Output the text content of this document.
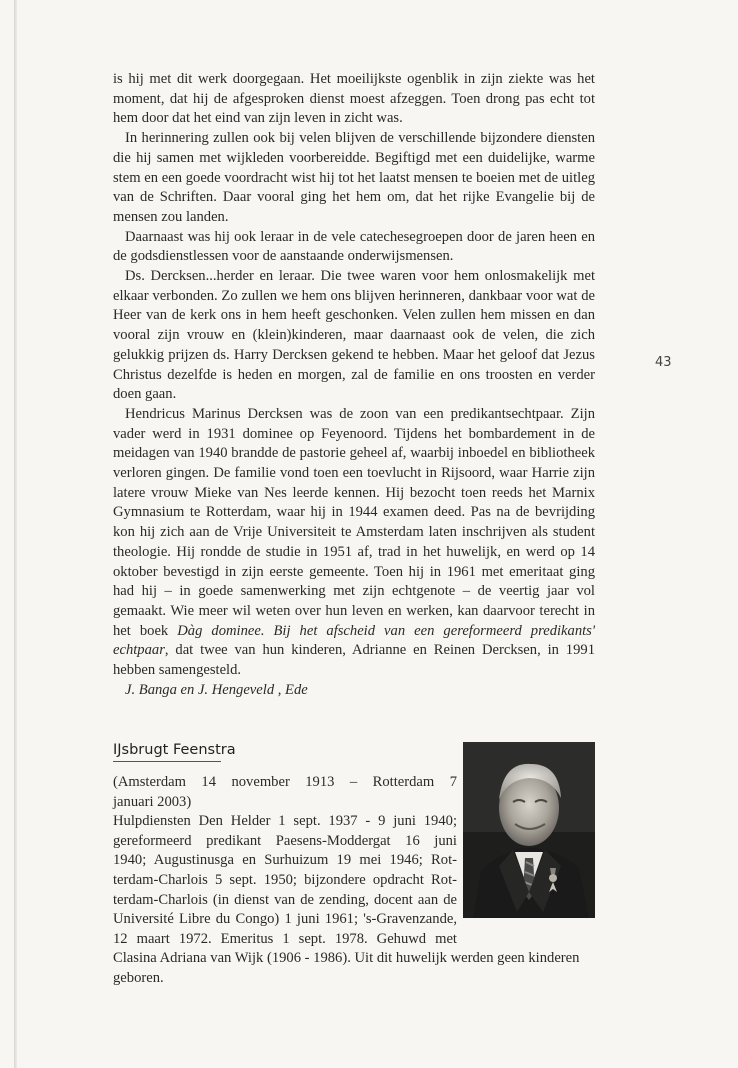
is hij met dit werk doorgegaan. Het moeilijkste ogenblik in zijn ziekte was het moment, dat hij de afgesproken dienst moest afzeggen. Toen drong pas echt tot hem door dat het eind van zijn leven in zicht was.

In herinnering zullen ook bij velen blijven de verschillende bijzondere diensten die hij samen met wijkleden voorbereidde. Begiftigd met een duidelijke, warme stem en een goede voordracht wist hij tot het laatst mensen te boeien met de uitleg van de Schriften. Daar vooral ging het hem om, dat het rijke Evangelie bij de mensen zou landen.

Daarnaast was hij ook leraar in de vele catechesegroepen door de jaren heen en de godsdienstlessen voor de aanstaande onderwijsmensen.

Ds. Dercksen...herder en leraar. Die twee waren voor hem onlosmakelijk met elkaar verbonden. Zo zullen we hem ons blijven herinneren, dankbaar voor wat de Heer van de kerk ons in hem heeft geschonken. Velen zullen hem missen en dan vooral zijn vrouw en (klein)kinderen, maar daarnaast ook de velen, die zich gelukkig prijzen ds. Harry Dercksen gekend te hebben. Maar het geloof dat Jezus Christus dezelfde is heden en morgen, zal de familie en ons troosten en verder doen gaan.

Hendricus Marinus Dercksen was de zoon van een predikantsechtpaar. Zijn vader werd in 1931 dominee op Feyenoord. Tijdens het bombardement in de meidagen van 1940 brandde de pastorie geheel af, waarbij inboedel en bibliotheek verloren gingen. De familie vond toen een toevlucht in Rijsoord, waar Harrie zijn latere vrouw Mieke van Nes leerde kennen. Hij bezocht toen reeds het Marnix Gymnasium te Rotterdam, waar hij in 1944 examen deed. Pas na de bevrijding kon hij zich aan de Vrije Universiteit te Amsterdam laten inschrijven als student theologie. Hij rondde de studie in 1951 af, trad in het huwelijk, en werd op 14 oktober bevestigd in zijn eerste gemeente. Toen hij in 1961 met emeritaat ging had hij – in goede samenwerking met zijn echtgenote – de veertig jaar vol gemaakt. Wie meer wil weten over hun leven en werken, kan daarvoor terecht in het boek Dàg dominee. Bij het afscheid van een gereformeerd predikants' echtpaar, dat twee van hun kinderen, Adrianne en Reinen Dercksen, in 1991 hebben samengesteld.

J. Banga en J. Hengeveld , Ede

43
IJsbrugt Feenstra
(Amsterdam 14 november 1913 – Rotterdam 7
januari 2003)
Hulpdiensten Den Helder 1 sept. 1937 - 9 juni 1940;
gereformeerd predikant Paesens-Moddergat 16 juni
1940; Augustinusga en Surhuizum 19 mei 1946; Rot-
terdam-Charlois 5 sept. 1950; bijzondere opdracht Rot-
terdam-Charlois (in dienst van de zending, docent aan de
Université Libre du Congo) 1 juni 1961; 's-Gravenzande,
12 maart 1972. Emeritus 1 sept. 1978. Gehuwd met
Clasina Adriana van Wijk (1906 - 1986). Uit dit huwelijk werden geen kinderen
geboren.
